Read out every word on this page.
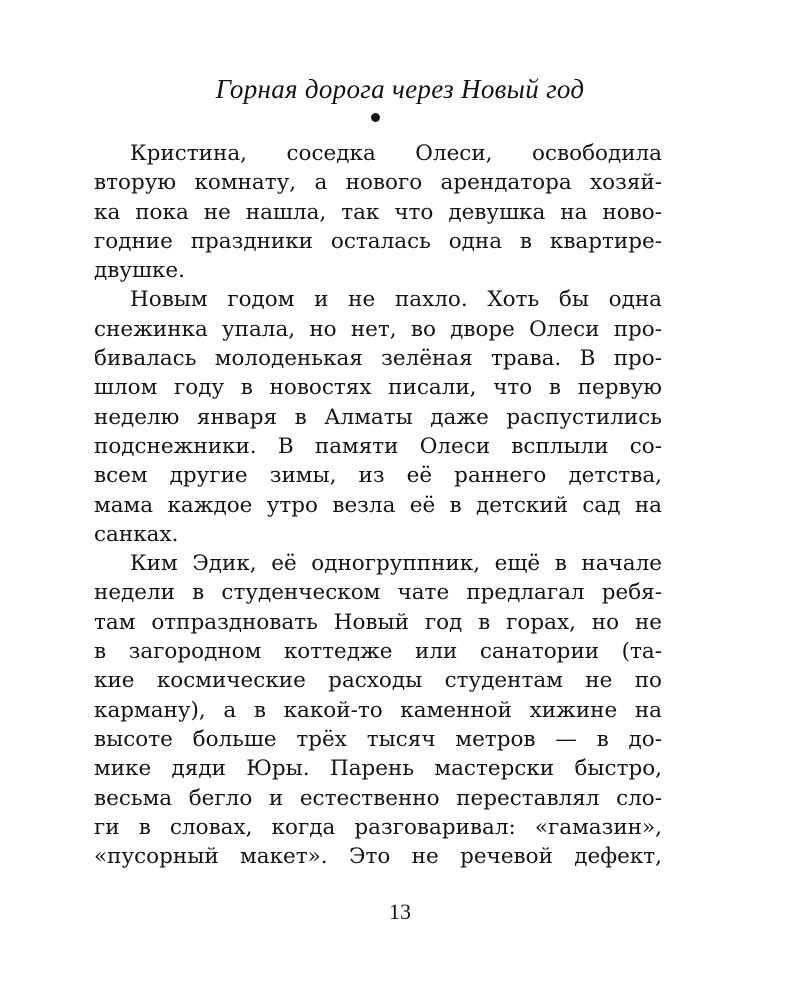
Горная дорога через Новый год
Кристина, соседка Олеси, освободила
вторую комнату, а нового арендатора хозяй-
ка пока не нашла, так что девушка на ново-
годние праздники осталась одна в квартире-
двушке.
Новым годом и не пахло. Хоть бы одна
снежинка упала, но нет, во дворе Олеси про-
бивалась молоденькая зелёная трава. В про-
шлом году в новостях писали, что в первую
неделю января в Алматы даже распустились
подснежники. В памяти Олеси всплыли со-
всем другие зимы, из её раннего детства,
мама каждое утро везла её в детский сад на
санках.
Ким Эдик, её одногруппник, ещё в начале
недели в студенческом чате предлагал ребя-
там отпраздновать Новый год в горах, но не
в загородном коттедже или санатории (та-
кие космические расходы студентам не по
карману), а в какой-то каменной хижине на
высоте больше трёх тысяч метров — в до-
мике дяди Юры. Парень мастерски быстро,
весьма бегло и естественно переставлял сло-
ги в словах, когда разговаривал: «гамазин»,
«пусорный макет». Это не речевой дефект,
13
